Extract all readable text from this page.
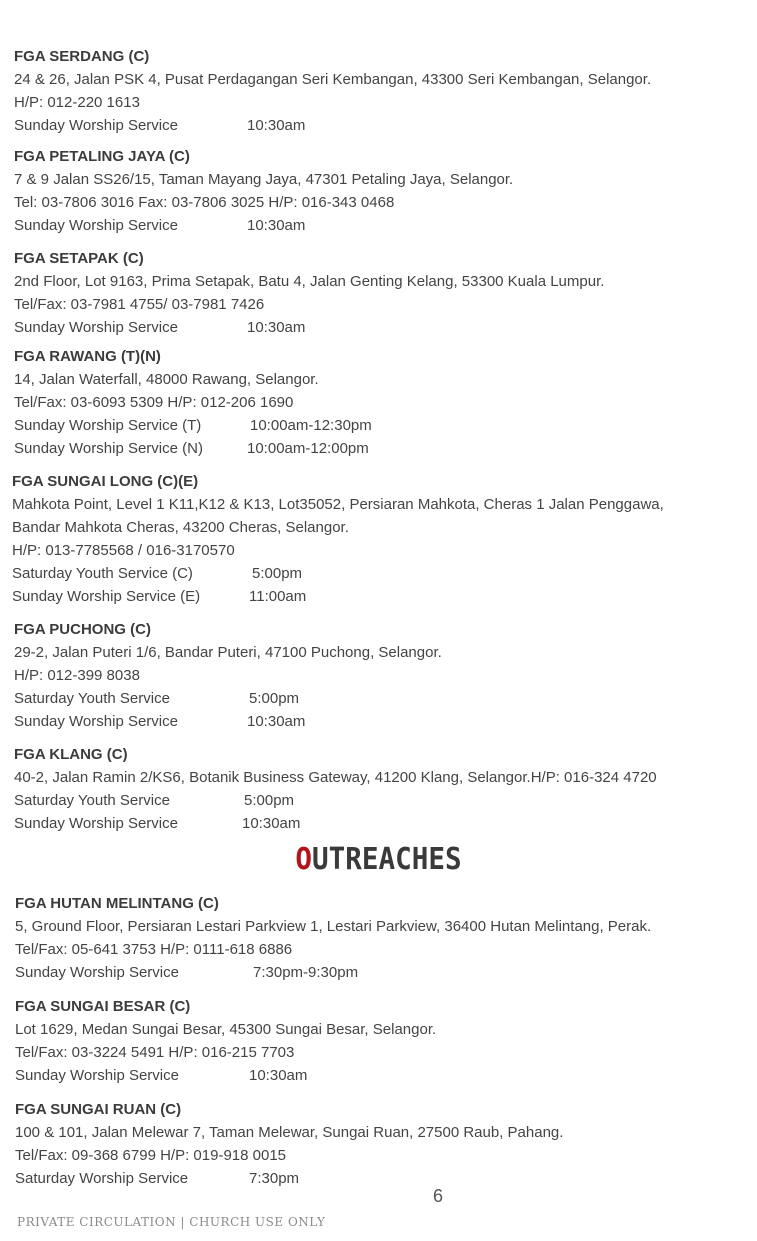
FGA SERDANG (C)
24 & 26, Jalan PSK 4, Pusat Perdagangan Seri Kembangan, 43300 Seri Kembangan, Selangor.
H/P: 012-220 1613
Sunday Worship Service	10:30am
FGA PETALING JAYA (C)
7 & 9 Jalan SS26/15, Taman Mayang Jaya, 47301 Petaling Jaya, Selangor.
Tel: 03-7806 3016 Fax: 03-7806 3025 H/P: 016-343 0468
Sunday Worship Service	10:30am
FGA SETAPAK (C)
2nd Floor, Lot 9163, Prima Setapak, Batu 4, Jalan Genting Kelang, 53300 Kuala Lumpur.
Tel/Fax: 03-7981 4755/ 03-7981 7426
Sunday Worship Service	10:30am
FGA RAWANG (T)(N)
14, Jalan Waterfall, 48000 Rawang, Selangor.
Tel/Fax: 03-6093 5309 H/P: 012-206 1690
Sunday Worship Service (T)	10:00am-12:30pm
Sunday Worship Service (N)	10:00am-12:00pm
FGA SUNGAI LONG (C)(E)
Mahkota Point, Level 1 K11,K12 & K13, Lot35052, Persiaran Mahkota, Cheras 1 Jalan Penggawa,
Bandar Mahkota Cheras, 43200 Cheras, Selangor.
H/P: 013-7785568 / 016-3170570
Saturday Youth Service (C)	5:00pm
Sunday Worship Service (E)	11:00am
FGA PUCHONG (C)
29-2, Jalan Puteri 1/6, Bandar Puteri, 47100 Puchong, Selangor.
H/P: 012-399 8038
Saturday Youth Service	5:00pm
Sunday Worship Service	10:30am
FGA KLANG (C)
40-2, Jalan Ramin 2/KS6, Botanik Business Gateway, 41200 Klang, Selangor.H/P: 016-324 4720
Saturday Youth Service	5:00pm
Sunday Worship Service	10:30am
OUTREACHES
FGA HUTAN MELINTANG (C)
5, Ground Floor, Persiaran Lestari Parkview 1, Lestari Parkview, 36400 Hutan Melintang, Perak.
Tel/Fax: 05-641 3753 H/P: 0111-618 6886
Sunday Worship Service	7:30pm-9:30pm
FGA SUNGAI BESAR (C)
Lot 1629, Medan Sungai Besar, 45300 Sungai Besar, Selangor.
Tel/Fax: 03-3224 5491 H/P: 016-215 7703
Sunday Worship Service	10:30am
FGA SUNGAI RUAN (C)
100 & 101, Jalan Melewar 7, Taman Melewar, Sungai Ruan, 27500 Raub, Pahang.
Tel/Fax: 09-368 6799 H/P: 019-918 0015
Saturday Worship Service	7:30pm
6
PRIVATE CIRCULATION | CHURCH USE ONLY
